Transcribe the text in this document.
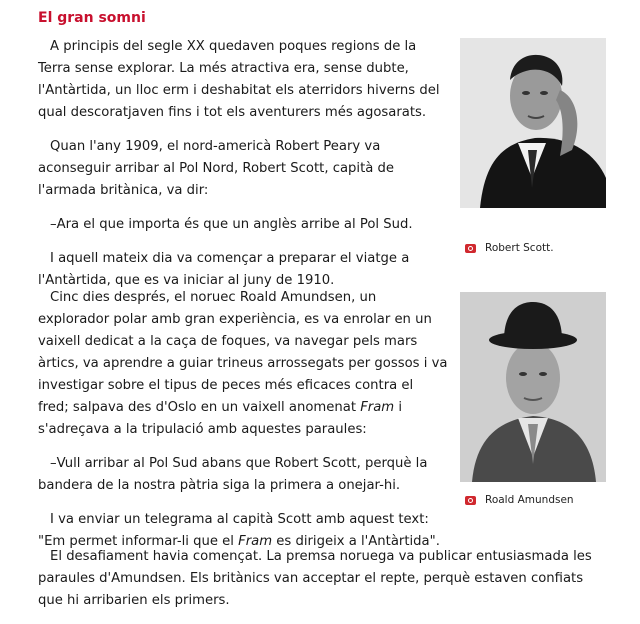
El gran somni

A principis del segle XX quedaven poques regions de la Terra sense explorar. La més atractiva era, sense dubte, l'Antàrtida, un lloc erm i deshabitat els aterridors hiverns del qual descoratjaven fins i tot els aventurers més agosarats.

Quan l'any 1909, el nord-americà Robert Peary va aconseguir arribar al Pol Nord, Robert Scott, capità de l'armada britànica, va dir:

–Ara el que importa és que un anglès arribe al Pol Sud.

I aquell mateix dia va començar a preparar el viatge a l'Antàrtida, que es va iniciar al juny de 1910.

Cinc dies després, el noruec Roald Amundsen, un explorador polar amb gran experiència, es va enrolar en un vaixell dedicat a la caça de foques, va navegar pels mars àrtics, va aprendre a guiar trineus arrossegats per gossos i va investigar sobre el tipus de peces més eficaces contra el fred; salpava des d'Oslo en un vaixell anomenat Fram i s'adreçava a la tripulació amb aquestes paraules:

–Vull arribar al Pol Sud abans que Robert Scott, perquè la bandera de la nostra pàtria siga la primera a onejar-hi.

I va enviar un telegrama al capità Scott amb aquest text: "Em permet informar-li que el Fram es dirigeix a l'Antàrtida".

El desafiament havia començat. La premsa noruega va publicar entusiasmada les paraules d'Amundsen. Els britànics van acceptar el repte, perquè estaven confiats que hi arribarien els primers.

Robert Scott.
Roald Amundsen
